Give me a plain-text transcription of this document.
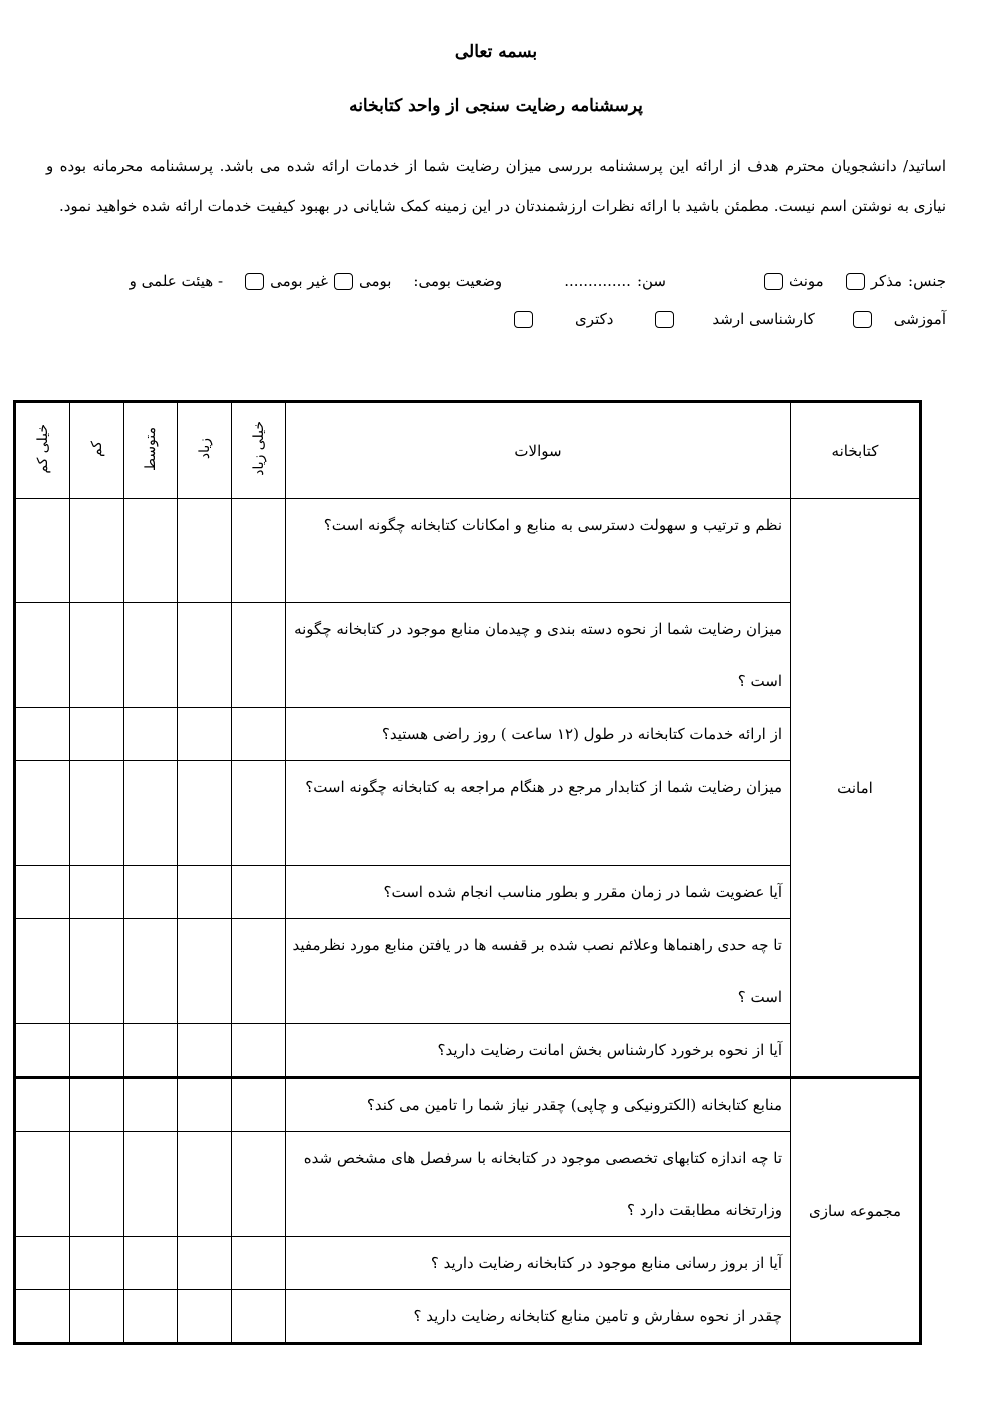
بسمه تعالی
پرسشنامه رضایت سنجی از واحد کتابخانه
اساتید/ دانشجویان محترم هدف از ارائه این پرسشنامه بررسی میزان رضایت شما از خدمات ارائه شده می باشد. پرسشنامه محرمانه بوده و نیازی به نوشتن اسم نیست. مطمئن باشید با ارائه نظرات ارزشمندتان در این زمینه کمک شایانی در بهبود کیفیت خدمات ارائه شده خواهید نمود.
جنس:
مذکر
مونث
سن:
..............
وضعیت بومی:
بومی
غیر بومی
- هیئت علمی و
آموزشی
کارشناسی ارشد
دکتری
خیلی کم	کم	متوسط	زیاد	خیلی زیاد	سوالات	کتابخانه
					نظم و ترتیب و سهولت دسترسی به منابع و امکانات کتابخانه چگونه است؟	امانت
					میزان رضایت شما از نحوه دسته بندی و چیدمان منابع موجود در کتابخانه چگونه است ؟	
					از ارائه خدمات کتابخانه در طول (۱۲ ساعت ) روز راضی هستید؟	
					میزان رضایت شما از کتابدار مرجع در هنگام مراجعه به کتابخانه چگونه است؟	
					آیا عضویت شما در زمان مقرر و بطور مناسب انجام شده است؟	
					تا چه حدی راهنماها وعلائم نصب شده بر قفسه ها در یافتن منابع مورد نظرمفید است ؟	
					آیا از نحوه برخورد کارشناس بخش امانت رضایت دارید؟	
					منابع کتابخانه (الکترونیکی و چاپی) چقدر نیاز شما را تامین می کند؟	مجموعه سازی
					تا چه اندازه کتابهای تخصصی موجود در کتابخانه با سرفصل های مشخص شده وزارتخانه مطابقت دارد ؟	
					آیا از بروز رسانی منابع موجود در کتابخانه رضایت دارید ؟	
					چقدر از نحوه سفارش و تامین منابع کتابخانه رضایت دارید ؟	
